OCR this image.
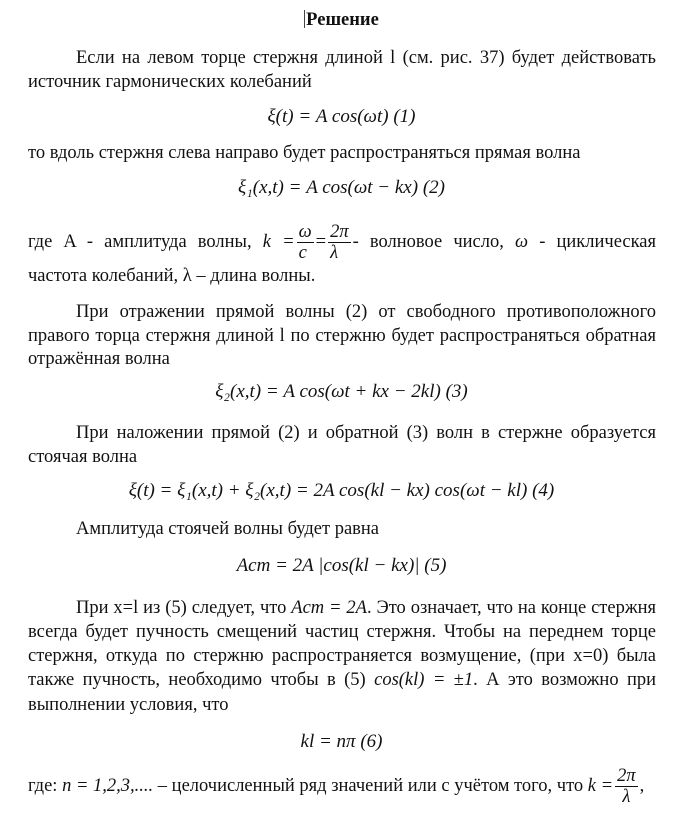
Решение
Если на левом торце стержня длиной l (см. рис. 37) будет действовать
источник гармонических колебаний
ξ(t) = A cos(ωt) (1)
то вдоль стержня слева направо будет распространяться прямая волна
ξ₁(x,t) = A cos(ωt − kx) (2)
где A - амплитуда волны, $k = \frac{\omega}{c} = \frac{2\pi}{\lambda}$ - волновое число, ω - циклическая
частота колебаний, λ – длина волны.
При отражении прямой волны (2) от свободного противоположного
правого торца стержня длиной l по стержню будет распространяться обратная
отражённая волна
ξ₂(x,t) = A cos(ωt + kx − 2kl) (3)
При наложении прямой (2) и обратной (3) волн в стержне образуется
стоячая волна
ξ(t) = ξ₁(x,t) + ξ₂(x,t) = 2A cos(kl − kx) cos(ωt − kl) (4)
Амплитуда стоячей волны будет равна
Aст = 2A |cos(kl − kx)| (5)
При x=l из (5) следует, что Aст = 2A. Это означает, что на конце стержня
всегда будет пучность смещений частиц стержня. Чтобы на переднем торце
стержня, откуда по стержню распространяется возмущение, (при x=0) была
также пучность, необходимо чтобы в (5) cos(kl) = ±1. А это возможно при
выполнении условия, что
kl = nπ (6)
где: n = 1,2,3,.... – целочисленный ряд значений или с учётом того, что $k = \frac{2\pi}{\lambda}$ ,
